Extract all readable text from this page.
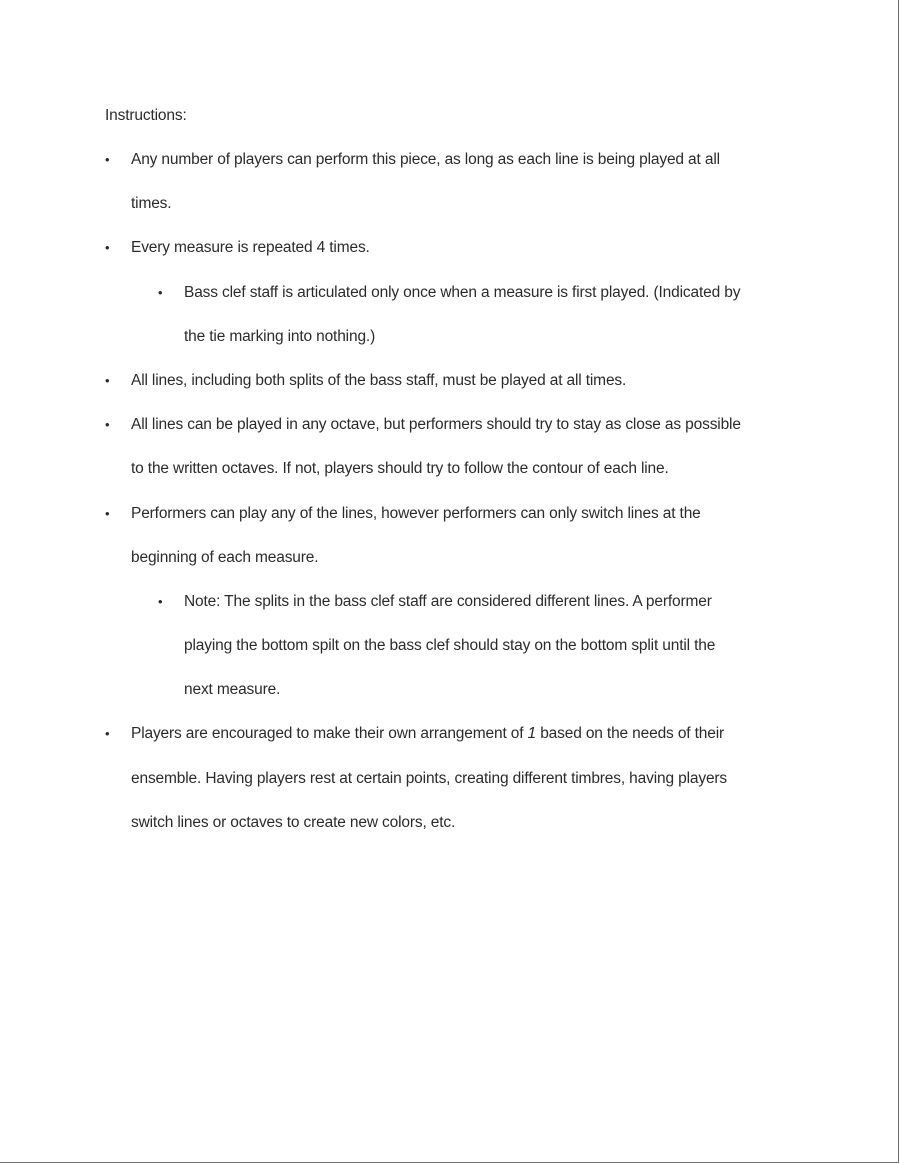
Instructions:
• Any number of players can perform this piece, as long as each line is being played at all
times.
• Every measure is repeated 4 times.
• Bass clef staff is articulated only once when a measure is first played. (Indicated by
the tie marking into nothing.)
• All lines, including both splits of the bass staff, must be played at all times.
• All lines can be played in any octave, but performers should try to stay as close as possible
to the written octaves. If not, players should try to follow the contour of each line.
• Performers can play any of the lines, however performers can only switch lines at the
beginning of each measure.
• Note: The splits in the bass clef staff are considered different lines. A performer
playing the bottom spilt on the bass clef should stay on the bottom split until the
next measure.
• Players are encouraged to make their own arrangement of 1 based on the needs of their
ensemble. Having players rest at certain points, creating different timbres, having players
switch lines or octaves to create new colors, etc.
